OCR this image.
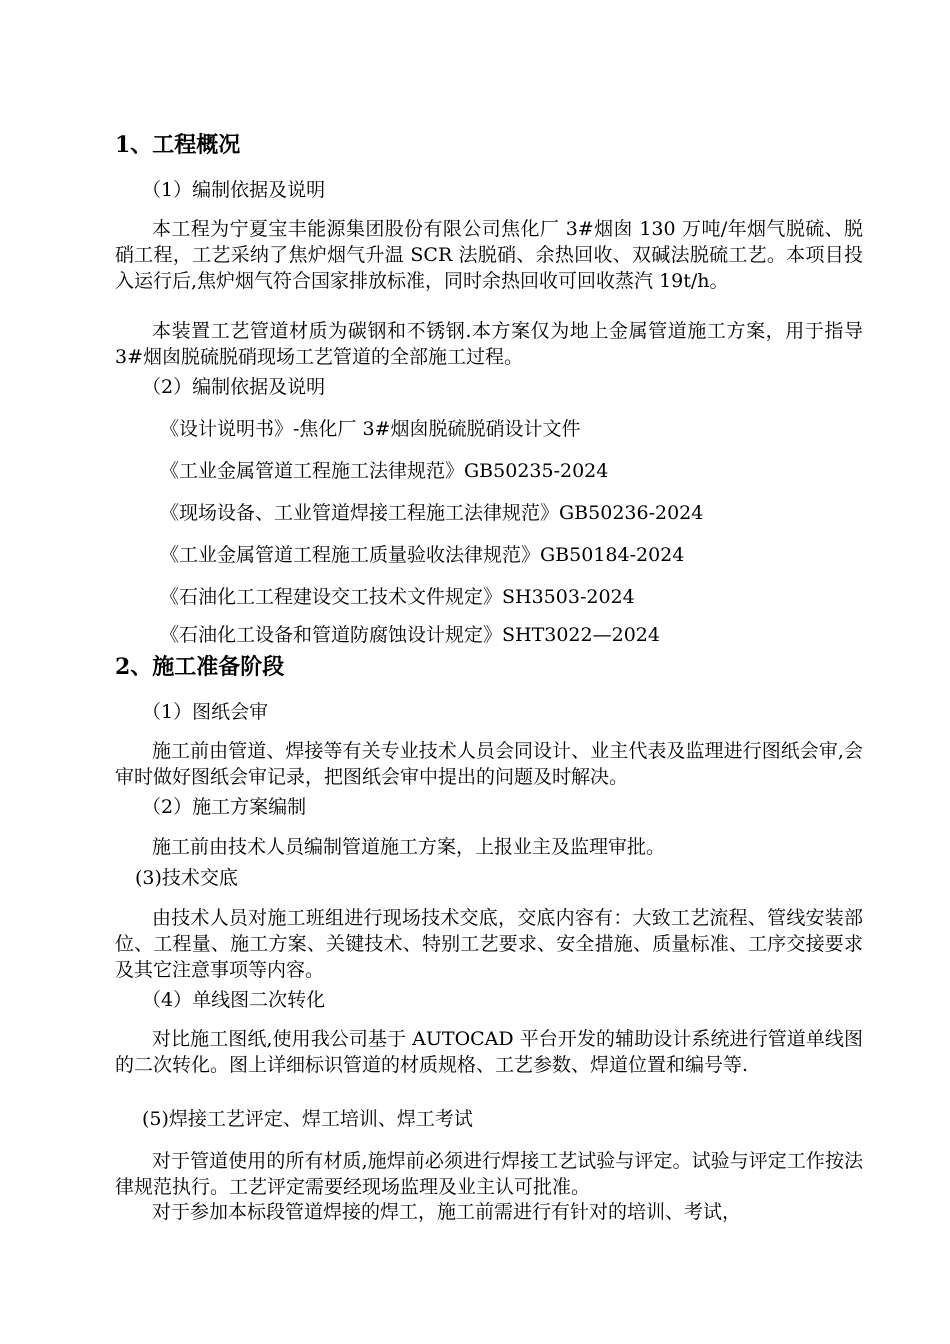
1、工程概况
（1）编制依据及说明

本工程为宁夏宝丰能源集团股份有限公司焦化厂 3#烟囱 130 万吨/年烟气脱硫、脱硝工程，工艺采纳了焦炉烟气升温 SCR 法脱硝、余热回收、双碱法脱硫工艺。本项目投入运行后,焦炉烟气符合国家排放标准，同时余热回收可回收蒸汽 19t/h。

本装置工艺管道材质为碳钢和不锈钢.本方案仅为地上金属管道施工方案，用于指导 3#烟囱脱硫脱硝现场工艺管道的全部施工过程。

（2）编制依据及说明
《设计说明书》-焦化厂 3#烟囱脱硫脱硝设计文件
《工业金属管道工程施工法律规范》GB50235-2024
《现场设备、工业管道焊接工程施工法律规范》GB50236-2024
《工业金属管道工程施工质量验收法律规范》GB50184-2024
《石油化工工程建设交工技术文件规定》SH3503-2024
《石油化工设备和管道防腐蚀设计规定》SHT3022—2024
2、施工准备阶段
（1）图纸会审

施工前由管道、焊接等有关专业技术人员会同设计、业主代表及监理进行图纸会审,会审时做好图纸会审记录，把图纸会审中提出的问题及时解决。

（2）施工方案编制

施工前由技术人员编制管道施工方案，上报业主及监理审批。

(3)技术交底

由技术人员对施工班组进行现场技术交底，交底内容有：大致工艺流程、管线安装部位、工程量、施工方案、关键技术、特别工艺要求、安全措施、质量标准、工序交接要求及其它注意事项等内容。

（4）单线图二次转化

对比施工图纸,使用我公司基于 AUTOCAD 平台开发的辅助设计系统进行管道单线图的二次转化。图上详细标识管道的材质规格、工艺参数、焊道位置和编号等.

(5)焊接工艺评定、焊工培训、焊工考试

对于管道使用的所有材质,施焊前必须进行焊接工艺试验与评定。试验与评定工作按法律规范执行。工艺评定需要经现场监理及业主认可批准。

对于参加本标段管道焊接的焊工，施工前需进行有针对的培训、考试，
